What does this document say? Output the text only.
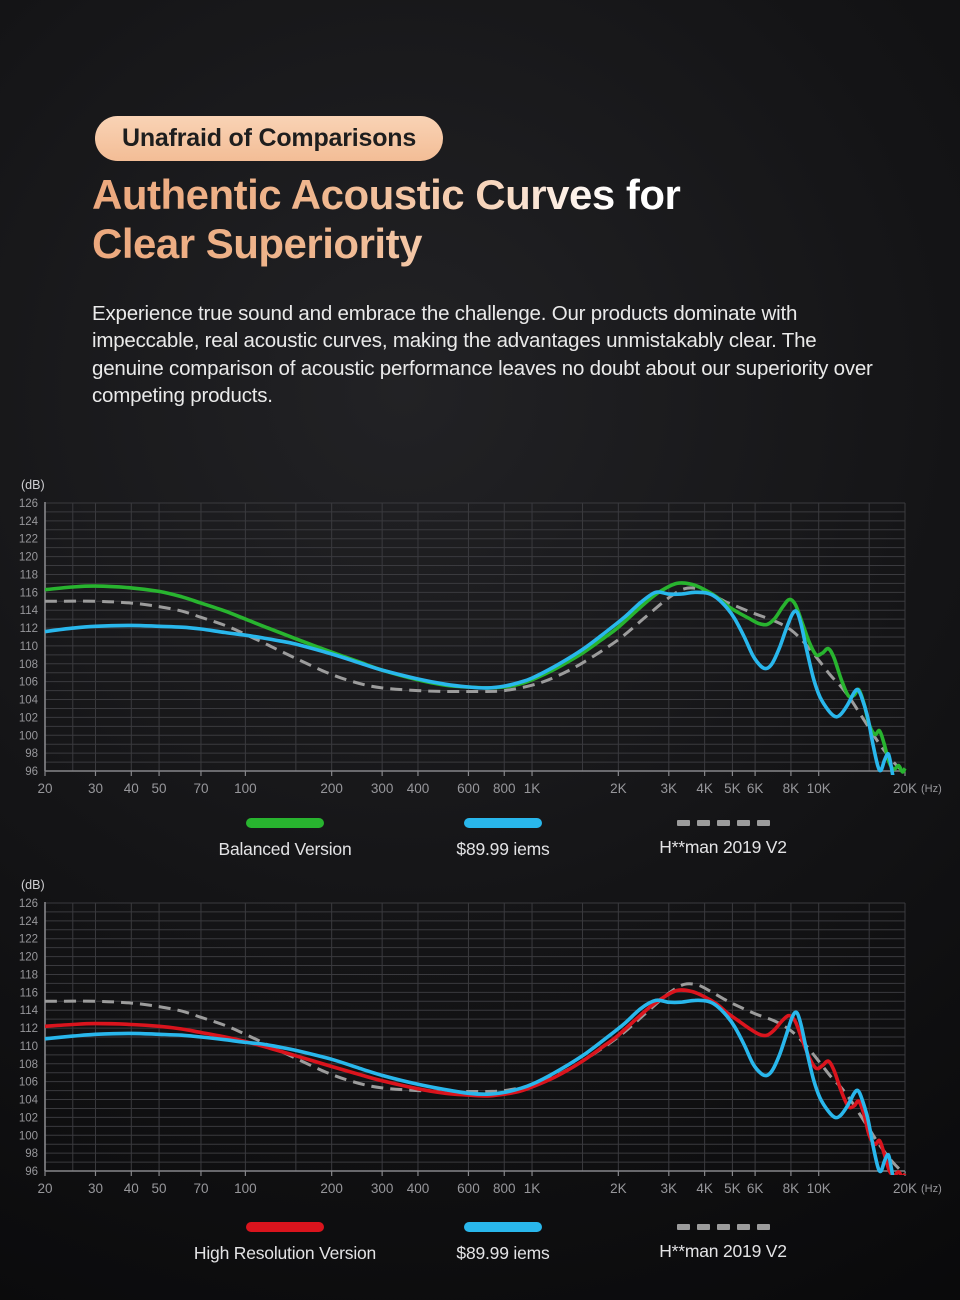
Unafraid of Comparisons
Authentic Acoustic Curves for
Clear Superiority

Experience true sound and embrace the challenge. Our products dominate with impeccable, real acoustic curves, making the advantages unmistakably clear. The genuine comparison of acoustic performance leaves no doubt about our superiority over competing products.

96
98
100
102
104
106
108
110
112
114
116
118
120
122
124
126
(dB)
20	30 40 50 70 100	200 300 400 600 800 1K	2K	3K 4K 5K 6K 8K 10K	20K (Hz)
Balanced Version	$89.99 iems	H**man 2019 V2
96
98
100
102
104
106
108
110
112
114
116
118
120
122
124
126
(dB)
20	30 40 50 70 100	200 300 400 600 800 1K	2K	3K 4K 5K 6K 8K 10K	20K (Hz)
High Resolution Version	$89.99 iems	H**man 2019 V2
